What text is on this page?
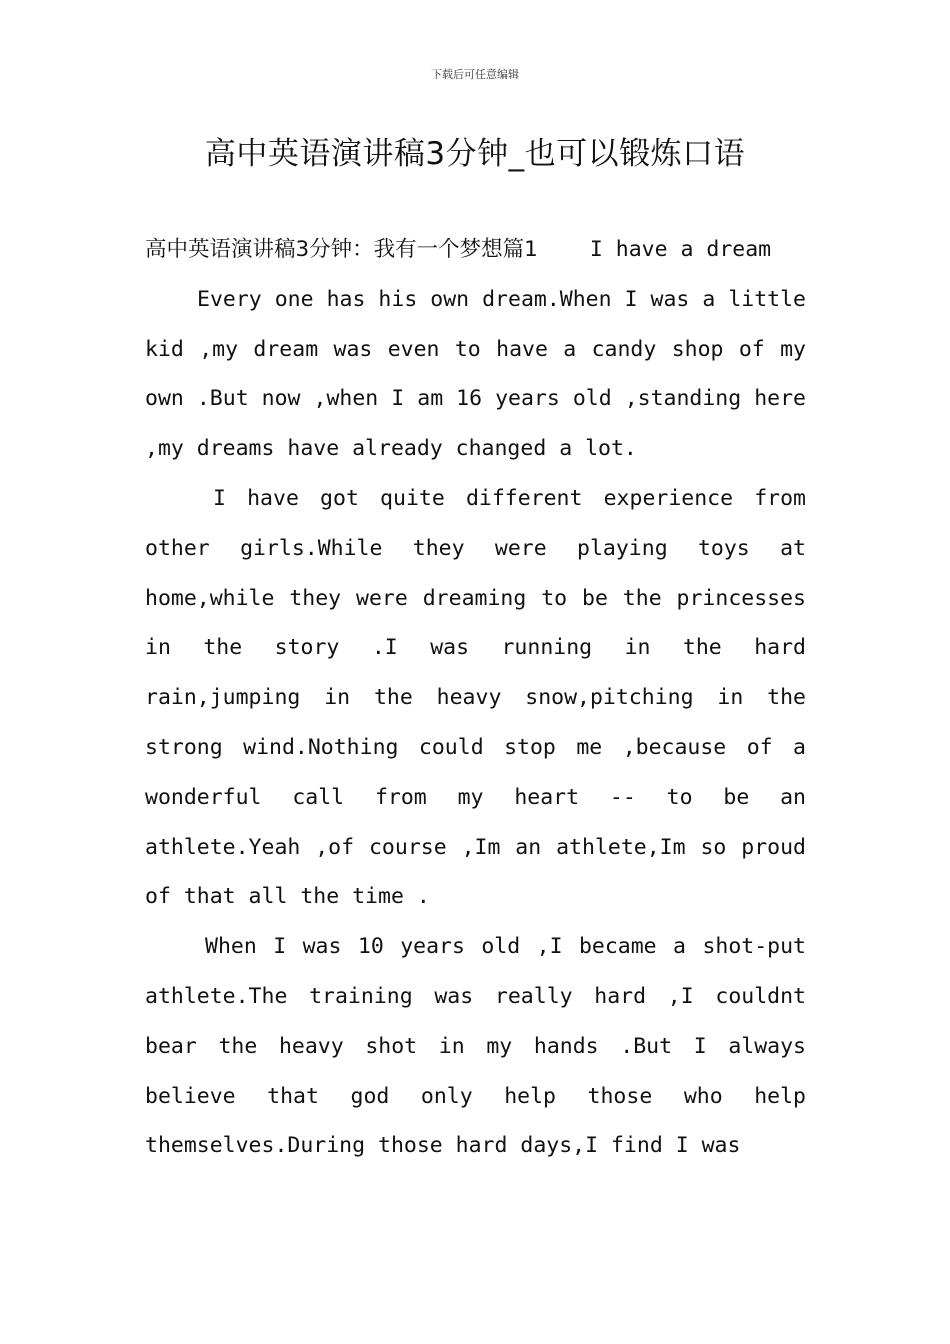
下载后可任意编辑
高中英语演讲稿3分钟_也可以锻炼口语

高中英语演讲稿3分钟：我有一个梦想篇1 I have a dream

Every one has his own dream.When I was a little kid ,my dream was even to have a candy shop of my own .But now ,when I am 16 years old ,standing here ,my dreams have already changed a lot.

I have got quite different experience from other girls.While they were playing toys at home,while they were dreaming to be the princesses in the story .I was running in the hard rain,jumping in the heavy snow,pitching in the strong wind.Nothing could stop me ,because of a wonderful call from my heart -- to be an athlete.Yeah ,of course ,Im an athlete,Im so proud of that all the time .

When I was 10 years old ,I became a shot-put athlete.The training was really hard ,I couldnt bear the heavy shot in my hands .But I always believe that god only help those who help themselves.During those hard days,I find I was
